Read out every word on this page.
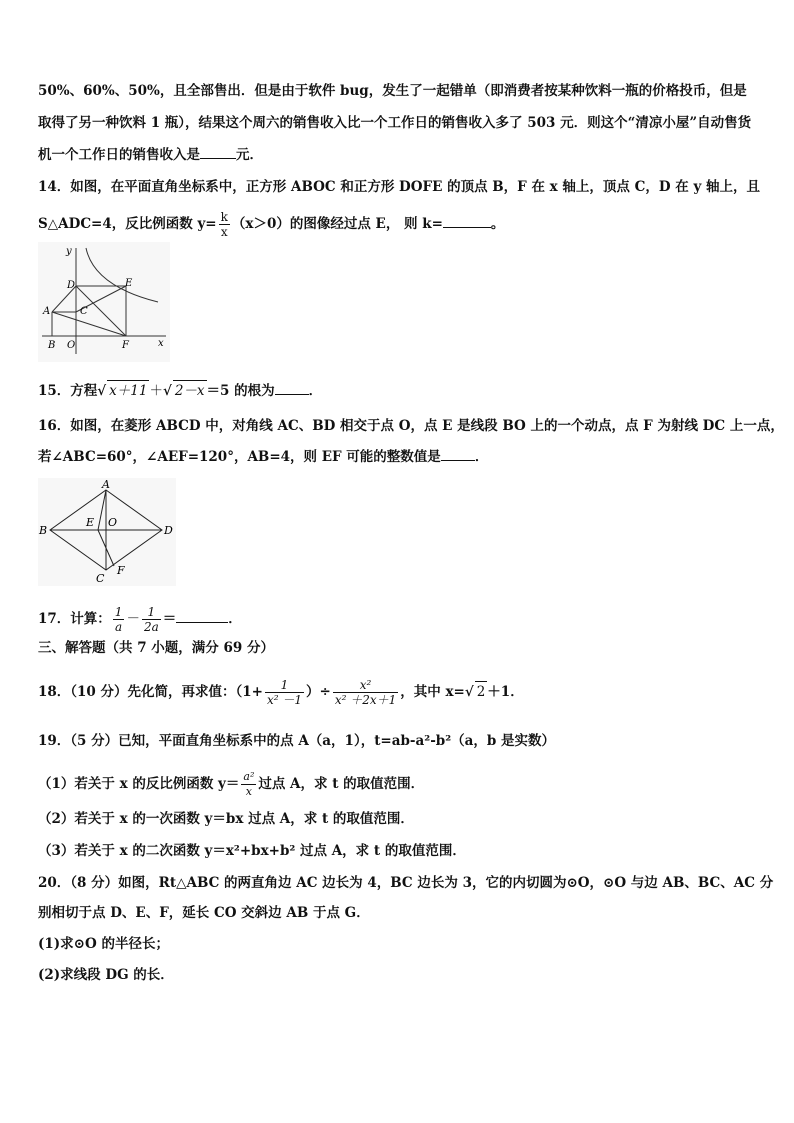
50%、60%、50%，且全部售出．但是由于软件 bug，发生了一起错单（即消费者按某种饮料一瓶的价格投币，但是
取得了另一种饮料 1 瓶），结果这个周六的销售收入比一个工作日的销售收入多了 503 元．则这个“清凉小屋”自动售货
机一个工作日的销售收入是	元．
14．如图，在平面直角坐标系中，正方形 ABOC 和正方形 DOFE 的顶点 B，F 在 x 轴上，顶点 C，D 在 y 轴上，且
S△ADC=4，反比例函数 $y= \frac{k}{x} (x>0)$的图像经过点 E， 则 k=	。
y
x
A
B
C
D	E
F
O
15．方程√ x＋11 ＋√ 2－x ＝5 的根为	．
16．如图，在菱形 ABCD 中，对角线 AC、BD 相交于点 O，点 E 是线段 BO 上的一个动点，点 F 为射线 DC 上一点，
若∠ABC=60°，∠AEF=120°，AB=4，则 EF 可能的整数值是	．
A
B	D
C
E O
F
17．计算： $\frac{1}{a} - \frac{1}{2a}$ ＝	．
三、解答题（共 7 小题，满分 69 分）
18．（10 分）先化简，再求值：（$1+ \frac{1}{\text{x² －1}}$ ）÷ $\frac{\text{x²}}{\text{x² ＋2x＋1}}$ ，其中 x=√ 2 ＋1．
19．（5 分）已知，平面直角坐标系中的点 A（a，1），t=ab-a²-b²（a，b 是实数）
（1）若关于 x 的反比例函数 $y= \frac{\text{a²}}{x}$ 过点 A，求 t 的取值范围．
（2）若关于 x 的一次函数 y＝bx 过点 A，求 t 的取值范围．
（3）若关于 x 的二次函数 y＝x²+bx+b² 过点 A，求 t 的取值范围．
20．（8 分）如图，Rt△ABC 的两直角边 AC 边长为 4，BC 边长为 3，它的内切圆为⊙O，⊙O 与边 AB、BC、AC 分
别相切于点 D、E、F，延长 CO 交斜边 AB 于点 G．
(1)求⊙O 的半径长；
(2)求线段 DG 的长．
